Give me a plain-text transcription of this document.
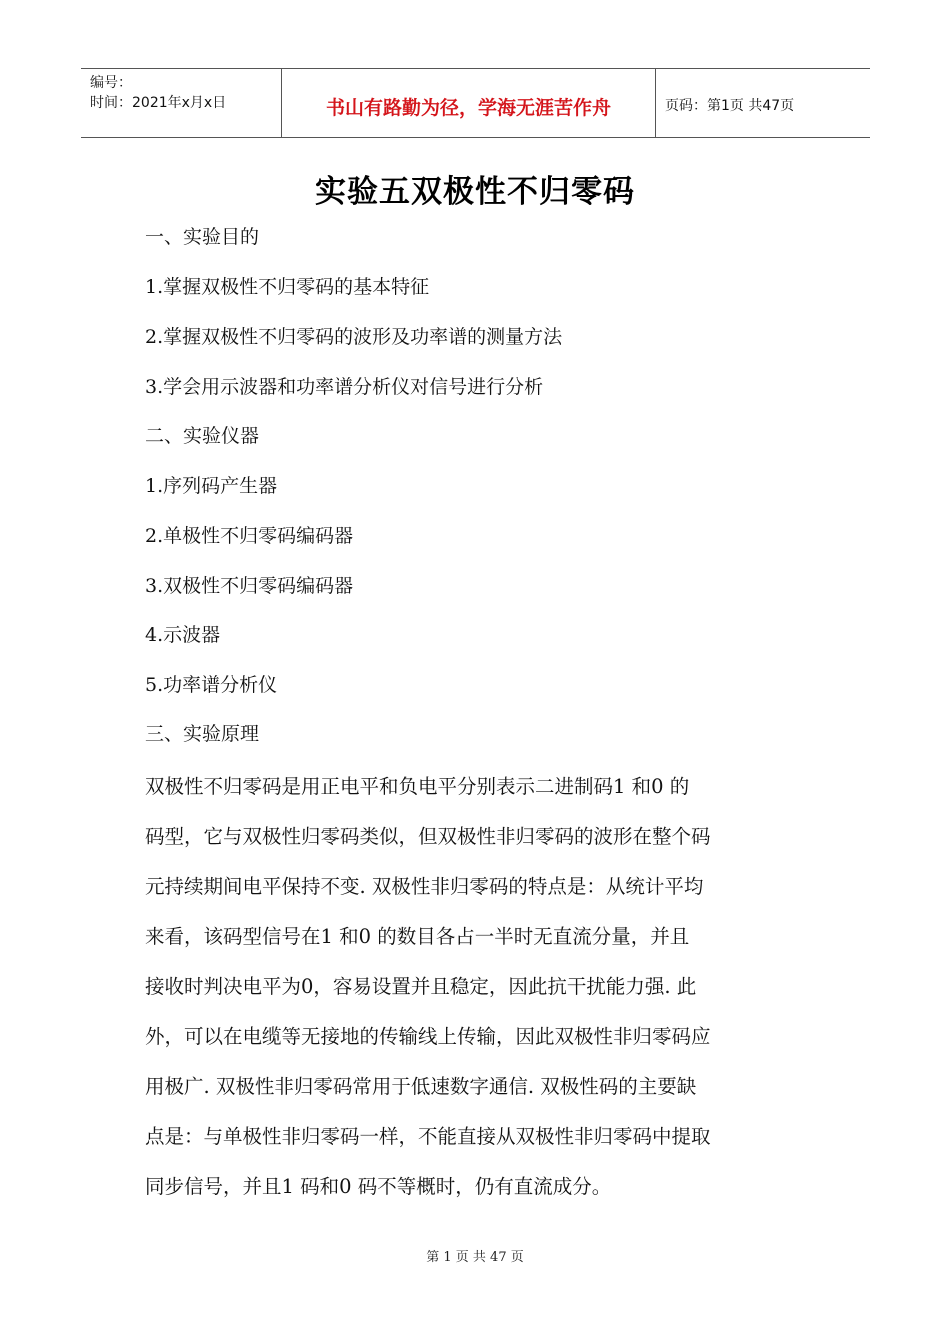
编号：
时间：2021年x月x日	书山有路勤为径，学海无涯苦作舟	页码：第1页 共47页
实验五双极性不归零码
一、实验目的
1.掌握双极性不归零码的基本特征
2.掌握双极性不归零码的波形及功率谱的测量方法
3.学会用示波器和功率谱分析仪对信号进行分析
二、实验仪器
1.序列码产生器
2.单极性不归零码编码器
3.双极性不归零码编码器
4.示波器
5.功率谱分析仪
三、实验原理
双极性不归零码是用正电平和负电平分别表示二进制码1 和0 的
码型，它与双极性归零码类似，但双极性非归零码的波形在整个码
元持续期间电平保持不变. 双极性非归零码的特点是：从统计平均
来看，该码型信号在1 和0 的数目各占一半时无直流分量，并且
接收时判决电平为0，容易设置并且稳定，因此抗干扰能力强. 此
外，可以在电缆等无接地的传输线上传输，因此双极性非归零码应
用极广. 双极性非归零码常用于低速数字通信. 双极性码的主要缺
点是：与单极性非归零码一样，不能直接从双极性非归零码中提取
同步信号，并且1 码和0 码不等概时，仍有直流成分。
第 1 页 共 47 页
